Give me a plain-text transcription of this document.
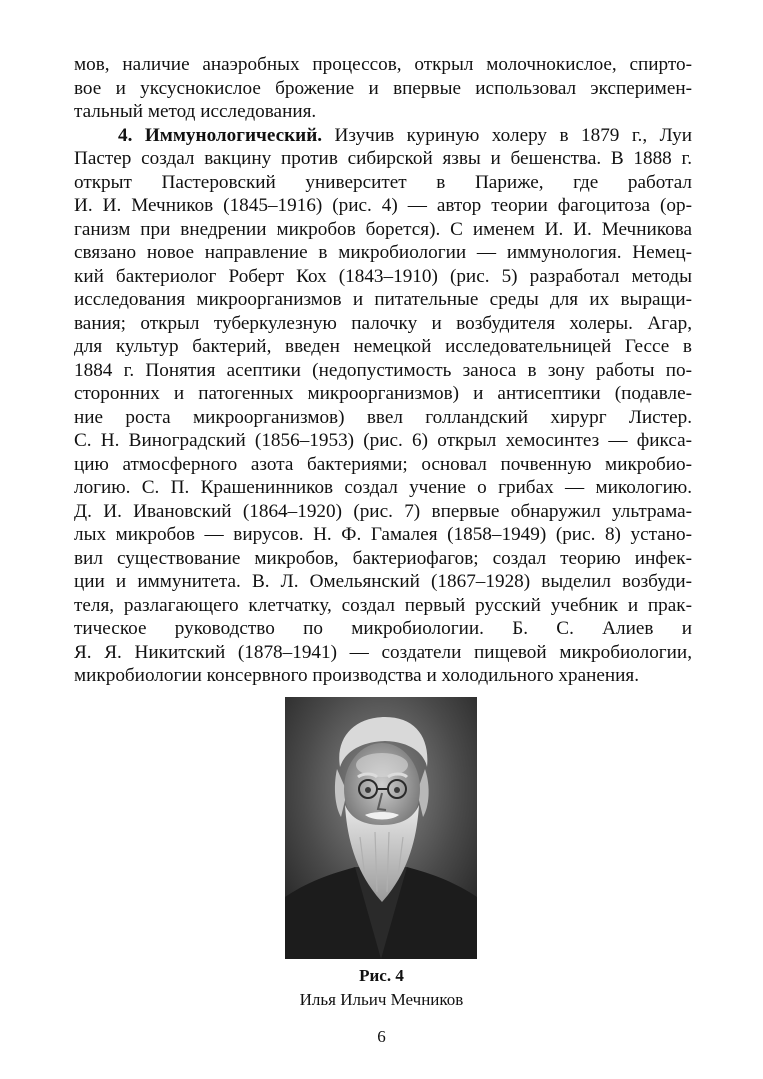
мов, наличие анаэробных процессов, открыл молочнокислое, спирто-
вое и уксуснокислое брожение и впервые использовал эксперимен-
тальный метод исследования.
4. Иммунологический. Изучив куриную холеру в 1879 г., Луи
Пастер создал вакцину против сибирской язвы и бешенства. В 1888 г.
открыт Пастеровский университет в Париже, где работал
И. И. Мечников (1845–1916) (рис. 4) — автор теории фагоцитоза (ор-
ганизм при внедрении микробов борется). С именем И. И. Мечникова
связано новое направление в микробиологии — иммунология. Немец-
кий бактериолог Роберт Кох (1843–1910) (рис. 5) разработал методы
исследования микроорганизмов и питательные среды для их выращи-
вания; открыл туберкулезную палочку и возбудителя холеры. Агар,
для культур бактерий, введен немецкой исследовательницей Гессе в
1884 г. Понятия асептики (недопустимость заноса в зону работы по-
сторонних и патогенных микроорганизмов) и антисептики (подавле-
ние роста микроорганизмов) ввел голландский хирург Листер.
С. Н. Виноградский (1856–1953) (рис. 6) открыл хемосинтез — фикса-
цию атмосферного азота бактериями; основал почвенную микробио-
логию. С. П. Крашенинников создал учение о грибах — микологию.
Д. И. Ивановский (1864–1920) (рис. 7) впервые обнаружил ультрама-
лых микробов — вирусов. Н. Ф. Гамалея (1858–1949) (рис. 8) устано-
вил существование микробов, бактериофагов; создал теорию инфек-
ции и иммунитета. В. Л. Омельянский (1867–1928) выделил возбуди-
теля, разлагающего клетчатку, создал первый русский учебник и прак-
тическое руководство по микробиологии. Б. С. Алиев и
Я. Я. Никитский (1878–1941) — создатели пищевой микробиологии,
микробиологии консервного производства и холодильного хранения.
Рис. 4
Илья Ильич Мечников
6
